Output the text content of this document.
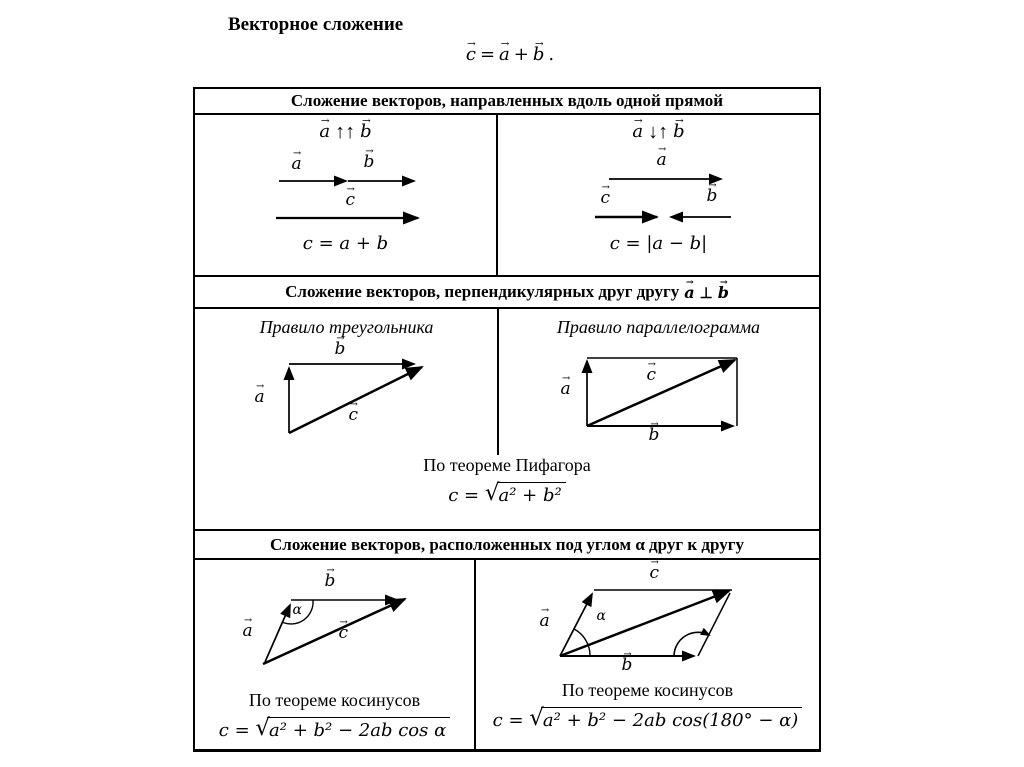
Векторное сложение
c → = a → + b → .
Сложение векторов, направленных вдоль одной прямой
a → ↑↑ b →
a →	b →
c →
c = a + b
a → ↓↑ b →
a →
c →	b →
c = |a − b|
Сложение векторов, перпендикулярных друг другу a → ⊥ b →
Правило треугольника
b →
a →
c →
Правило параллелограмма
a →
c →
b →
По теореме Пифагора
c = √a² + b²
Сложение векторов, расположенных под углом α друг к другу
b →
a →	c →
α
По теореме косинусов
c = √a² + b² − 2ab cos α
c →
a →	α
b →
По теореме косинусов
c = √a² + b² − 2ab cos(180° − α)
